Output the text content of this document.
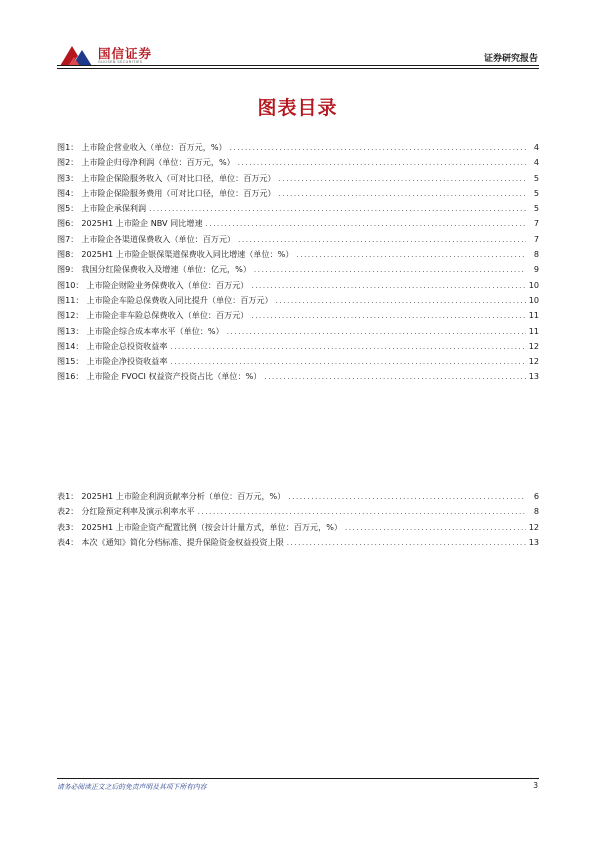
国信证券
GUOSEN SECURITIES	证券研究报告
图表目录
图1： 上市险企营业收入（单位：百万元，%） .....	4
图2： 上市险企归母净利润（单位：百万元，%） .....	4
图3： 上市险企保险服务收入（可对比口径，单位：百万元） .....	5
图4： 上市险企保险服务费用（可对比口径，单位：百万元） .....	5
图5： 上市险企承保利润 .....	5
图6： 2025H1 上市险企 NBV 同比增速 .....	7
图7： 上市险企各渠道保费收入（单位：百万元） .....	7
图8： 2025H1 上市险企银保渠道保费收入同比增速（单位：%） .....	8
图9： 我国分红险保费收入及增速（单位：亿元，%） .....	9
图10： 上市险企财险业务保费收入（单位：百万元） .....	10
图11： 上市险企车险总保费收入同比提升（单位：百万元） .....	10
图12： 上市险企非车险总保费收入（单位：百万元） .....	11
图13： 上市险企综合成本率水平（单位：%） .....	11
图14： 上市险企总投资收益率 .....	12
图15： 上市险企净投资收益率 .....	12
图16： 上市险企 FVOCI 权益资产投资占比（单位：%） .....	13
表1： 2025H1 上市险企利润贡献率分析（单位：百万元，%） .....	6
表2： 分红险预定利率及演示利率水平 .....	8
表3： 2025H1 上市险企资产配置比例（按会计计量方式，单位：百万元，%） .....	12
表4： 本次《通知》简化分档标准、提升保险资金权益投资上限 .....	13
请务必阅读正文之后的免责声明及其项下所有内容	3
